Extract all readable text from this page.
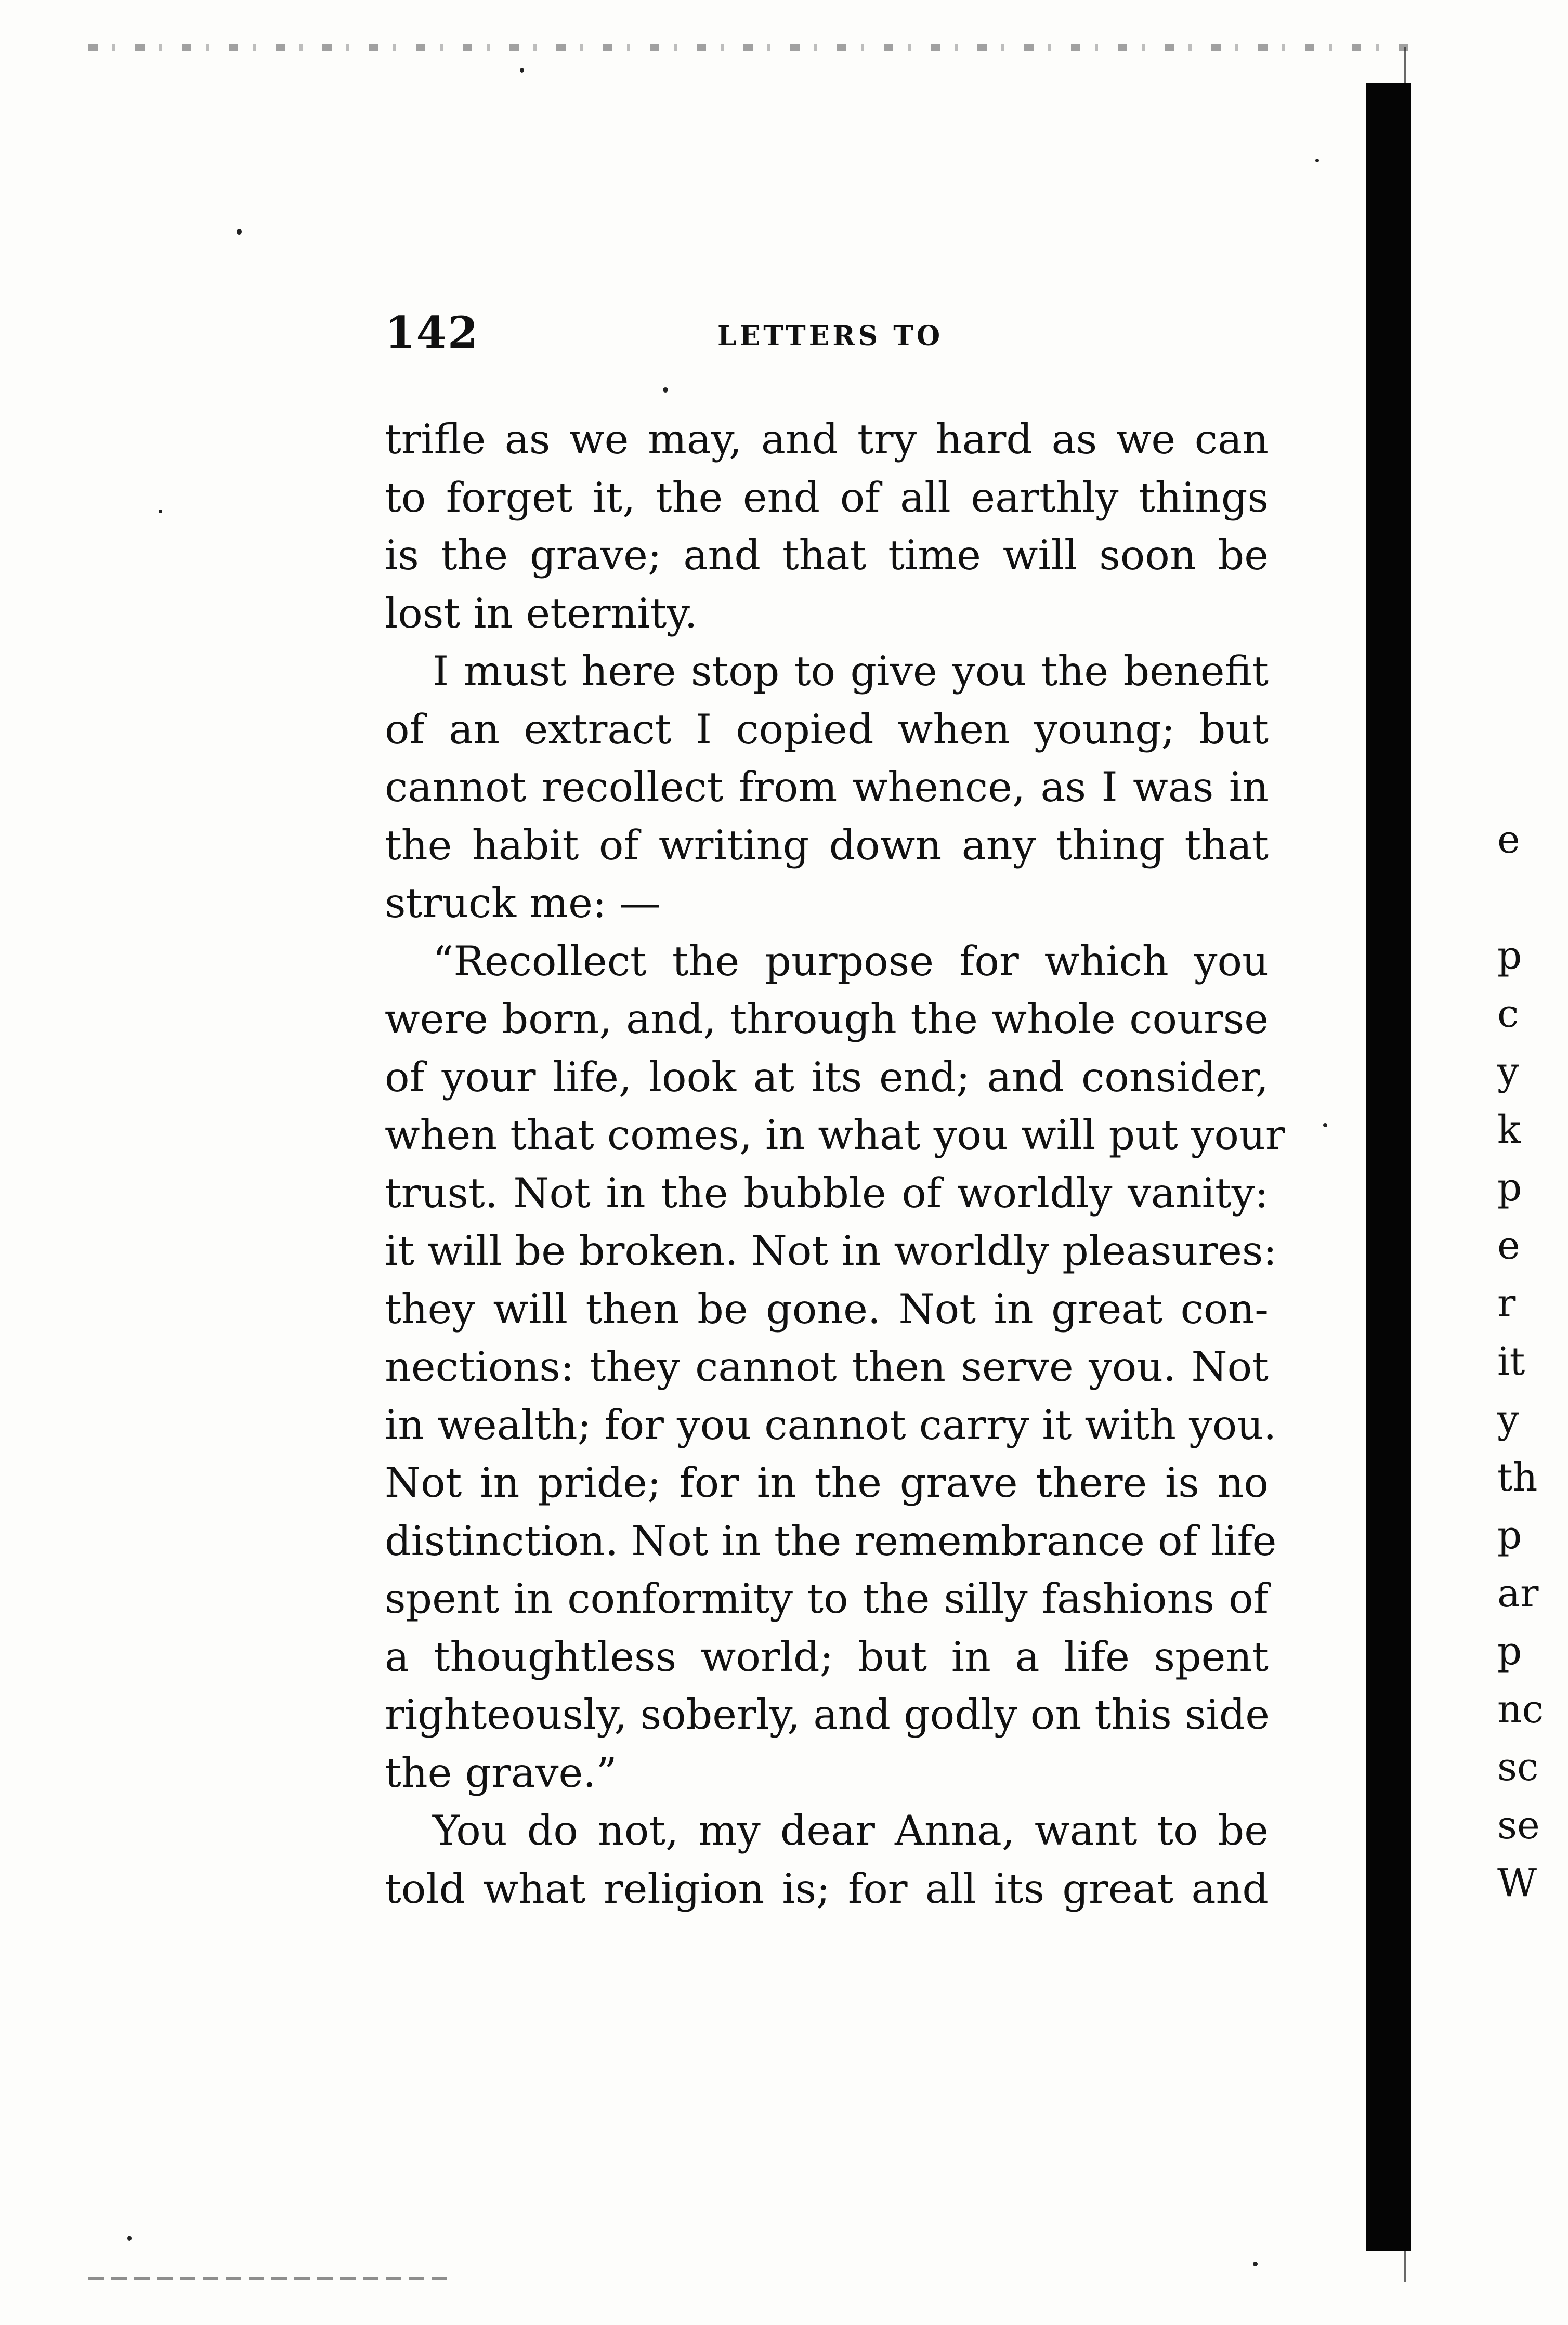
142	LETTERS TO
trifle as we may, and try hard as we can
to forget it, the end of all earthly things
is the grave; and that time will soon be
lost in eternity.
I must here stop to give you the benefit
of an extract I copied when young; but
cannot recollect from whence, as I was in
the habit of writing down any thing that
struck me: —
“Recollect the purpose for which you
were born, and, through the whole course
of your life, look at its end; and consider,
when that comes, in what you will put your
trust. Not in the bubble of worldly vanity:
it will be broken. Not in worldly pleasures:
they will then be gone. Not in great con-
nections: they cannot then serve you. Not
in wealth; for you cannot carry it with you.
Not in pride; for in the grave there is no
distinction. Not in the remembrance of life
spent in conformity to the silly fashions of
a thoughtless world; but in a life spent
righteously, soberly, and godly on this side
the grave.”
You do not, my dear Anna, want to be
told what religion is; for all its great and
e
p
c
y
k
p
e
r
it
y
th
p
ar
p
nc
sc
se
W
